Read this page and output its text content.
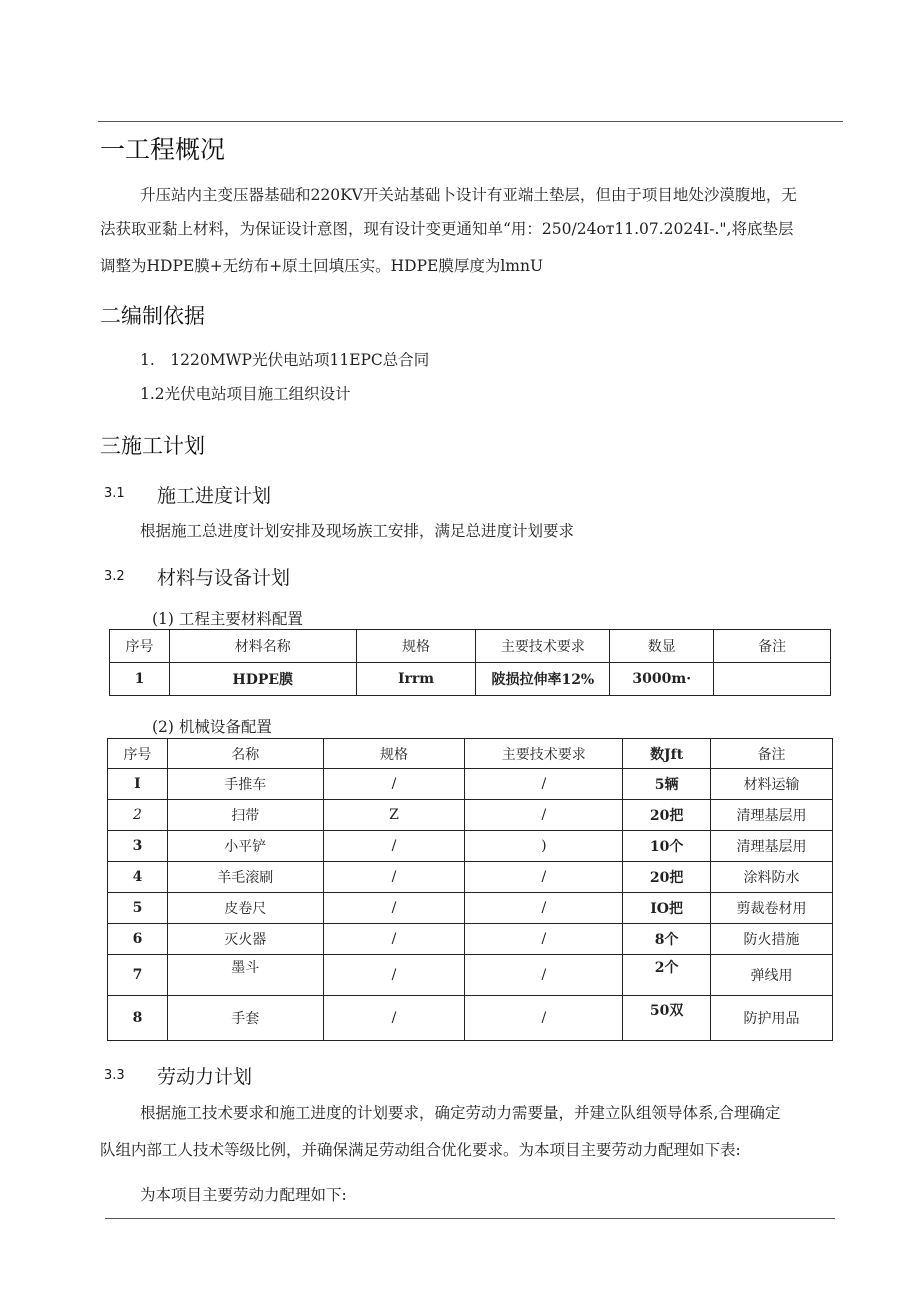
一工程概况
升压站内主变压器基础和220KV开关站基础卜设计有亚端土垫层，但由于项目地处沙漠腹地，无
法获取亚黏上材料，为保证设计意图，现有设计变更通知单“用：250/24oт11.07.2024I-.",将底垫层
调整为HDPE膜+无纺布+原土回填压实。HDPE膜厚度为lmnU
二编制依据
1.　1220MWP光伏电站项11EPC总合同
1.2光伏电站项目施工组织设计
三施工计划
3.1 施工进度计划
根据施工总进度计划安排及现场族工安排，满足总进度计划要求
3.2 材料与设备计划
(1) 工程主要材料配置
序号	材料名称	规格	主要技术要求	数显	备注
1	HDPE膜	Irrm	陂损拉伸率12%	3000m·	
(2) 机械设备配置
序号	名称	规格	主要技术要求	数Jft	备注
I	手推车	/	/	5辆	材料运输
2	扫带	Z	/	20把	清理基层用
3	小平铲	/	)	10个	清理基层用
4	羊毛滚刷	/	/	20把	涂料防水
5	皮卷尺	/	/	IO把	剪裁卷材用
6	灭火器	/	/	8个	防火措施
7	墨斗	/	/	2个	弹线用
8	手套	/	/	50双	防护用品
3.3 劳动力计划
根据施工技术要求和施工进度的计划要求，确定劳动力需要量，并建立队组领导体系,合理确定
队组内部工人技术等级比例，并确保满足劳动组合优化要求。为本项目主要劳动力配理如下表:
为本项目主要劳动力配理如下:
